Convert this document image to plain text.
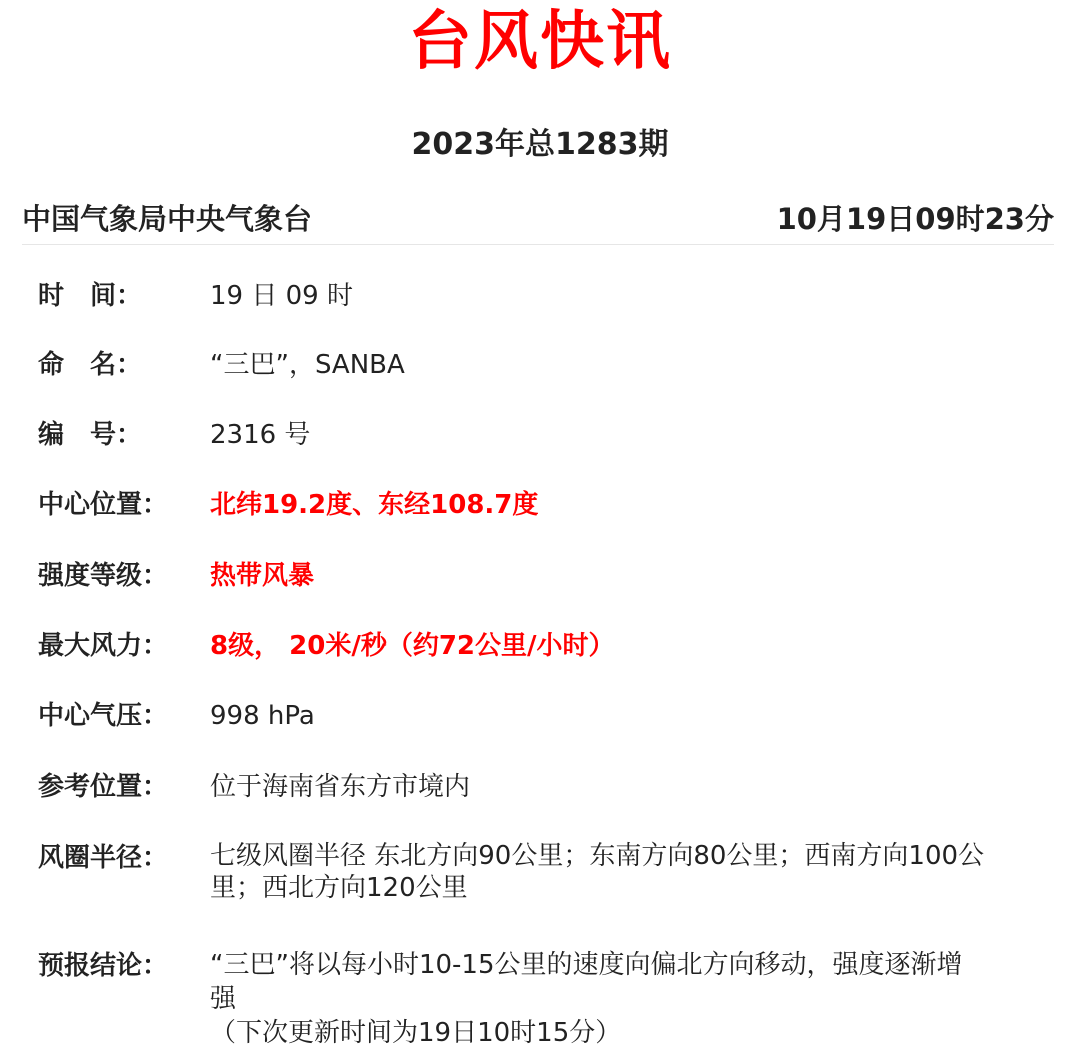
台风快讯
2023年总1283期
中国气象局中央气象台	10月19日09时23分
时　间：	19 日 09 时
命　名：	“三巴”，SANBA
编　号：	2316 号
中心位置：	北纬19.2度、东经108.7度
强度等级：	热带风暴
最大风力：	8级， 20米/秒（约72公里/小时）
中心气压：	998 hPa
参考位置：	位于海南省东方市境内
风圈半径：	七级风圈半径 东北方向90公里；东南方向80公里；西南方向100公
里；西北方向120公里
预报结论：	“三巴”将以每小时10-15公里的速度向偏北方向移动，强度逐渐增
强
（下次更新时间为19日10时15分）
